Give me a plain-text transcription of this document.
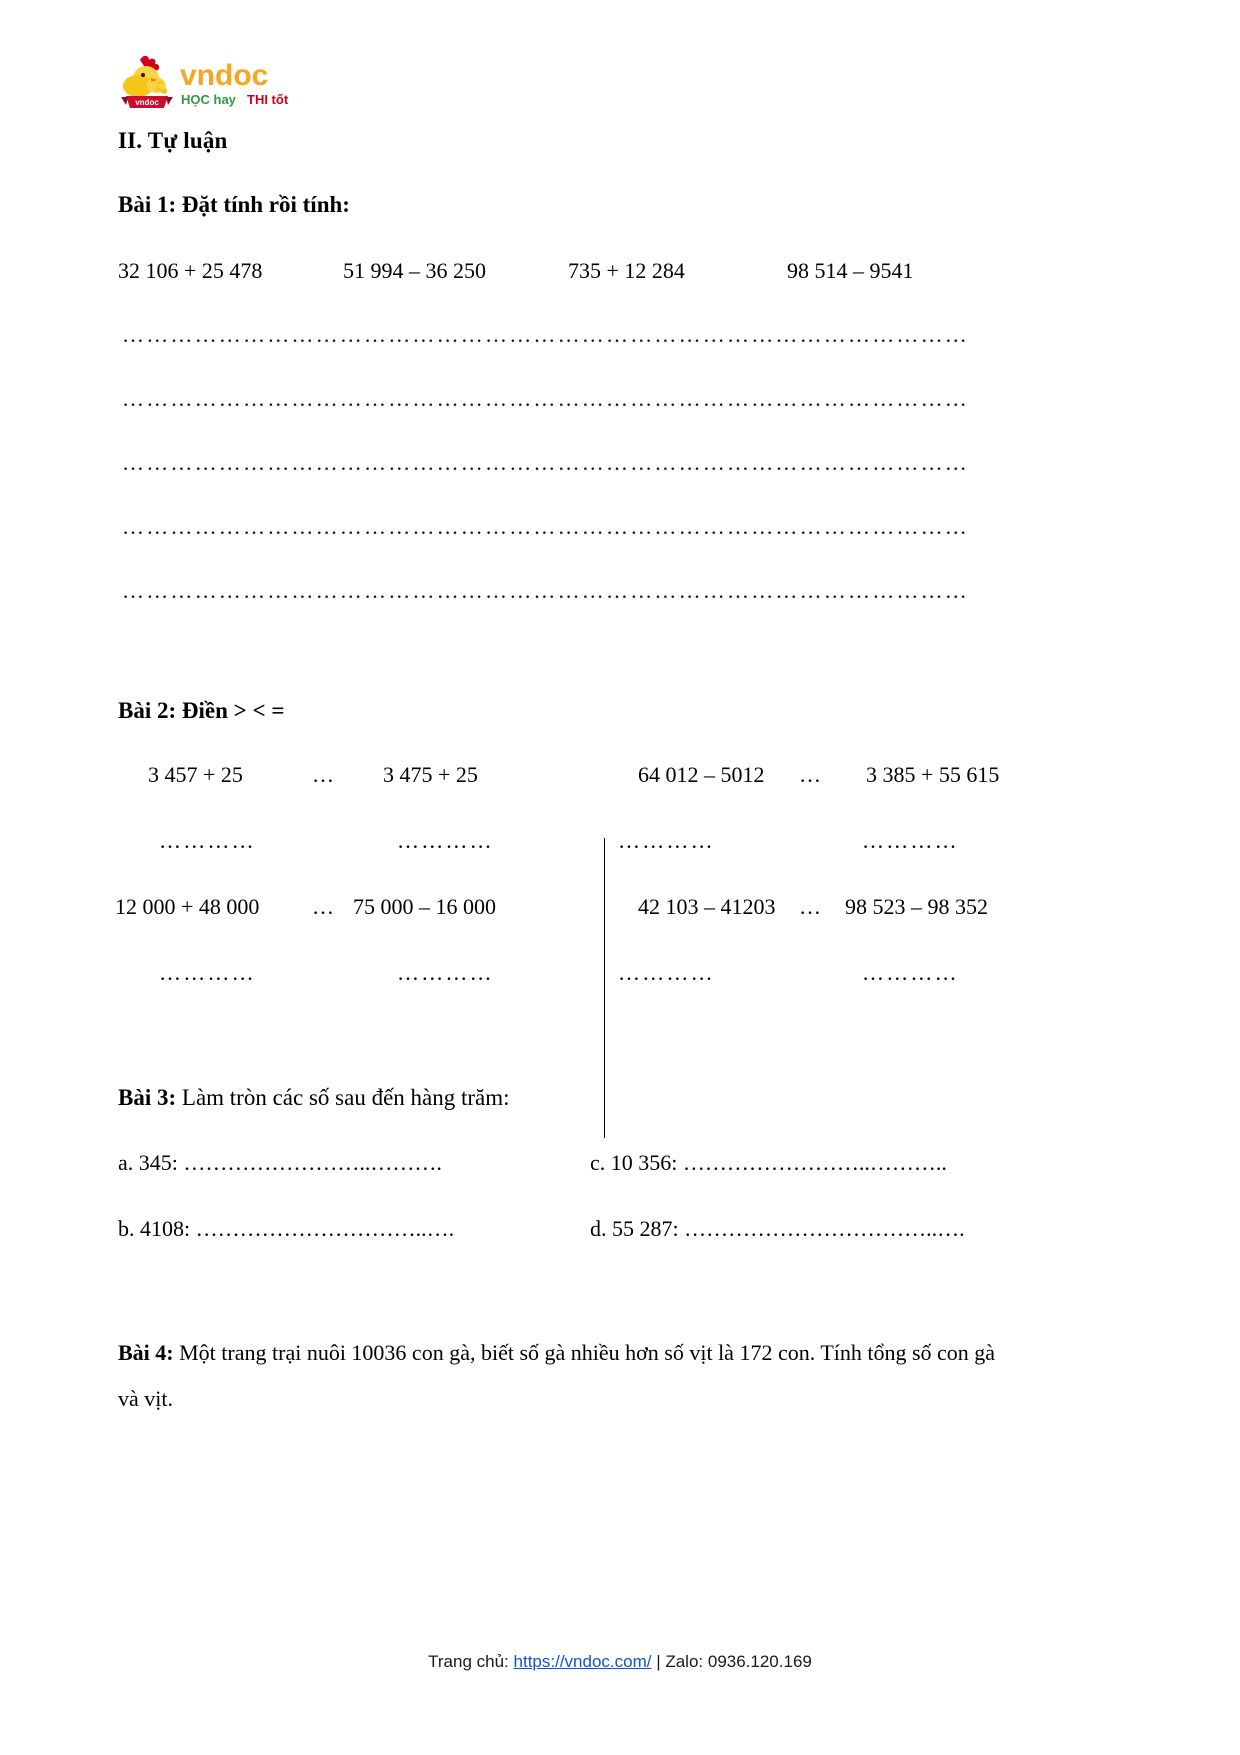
vndoc
vndoc
HỌC hay THI tốt
II. Tự luận
Bài 1: Đặt tính rồi tính:
32 106 + 25 478	51 994 – 36 250	735 + 12 284	98 514 – 9541
……………………………………………………………………………………………
……………………………………………………………………………………………
……………………………………………………………………………………………
……………………………………………………………………………………………
……………………………………………………………………………………………
Bài 2: Điền > < =
3 457 + 25	… 3 475 + 25	64 012 – 5012 … 3 385 + 55 615
…………	…………	…………	…………
12 000 + 48 000 … 75 000 – 16 000	42 103 – 41203 … 98 523 – 98 352
…………	…………	…………	…………
Bài 3: Làm tròn các số sau đến hàng trăm:
a. 345: ……………………..……….	c. 10 356: ……………………..………..
b. 4108: …………………………..….	d. 55 287: ……………………………..….
Bài 4: Một trang trại nuôi 10036 con gà, biết số gà nhiều hơn số vịt là 172 con. Tính tổng số con gà và vịt.
Trang chủ: https://vndoc.com/ | Zalo: 0936.120.169
